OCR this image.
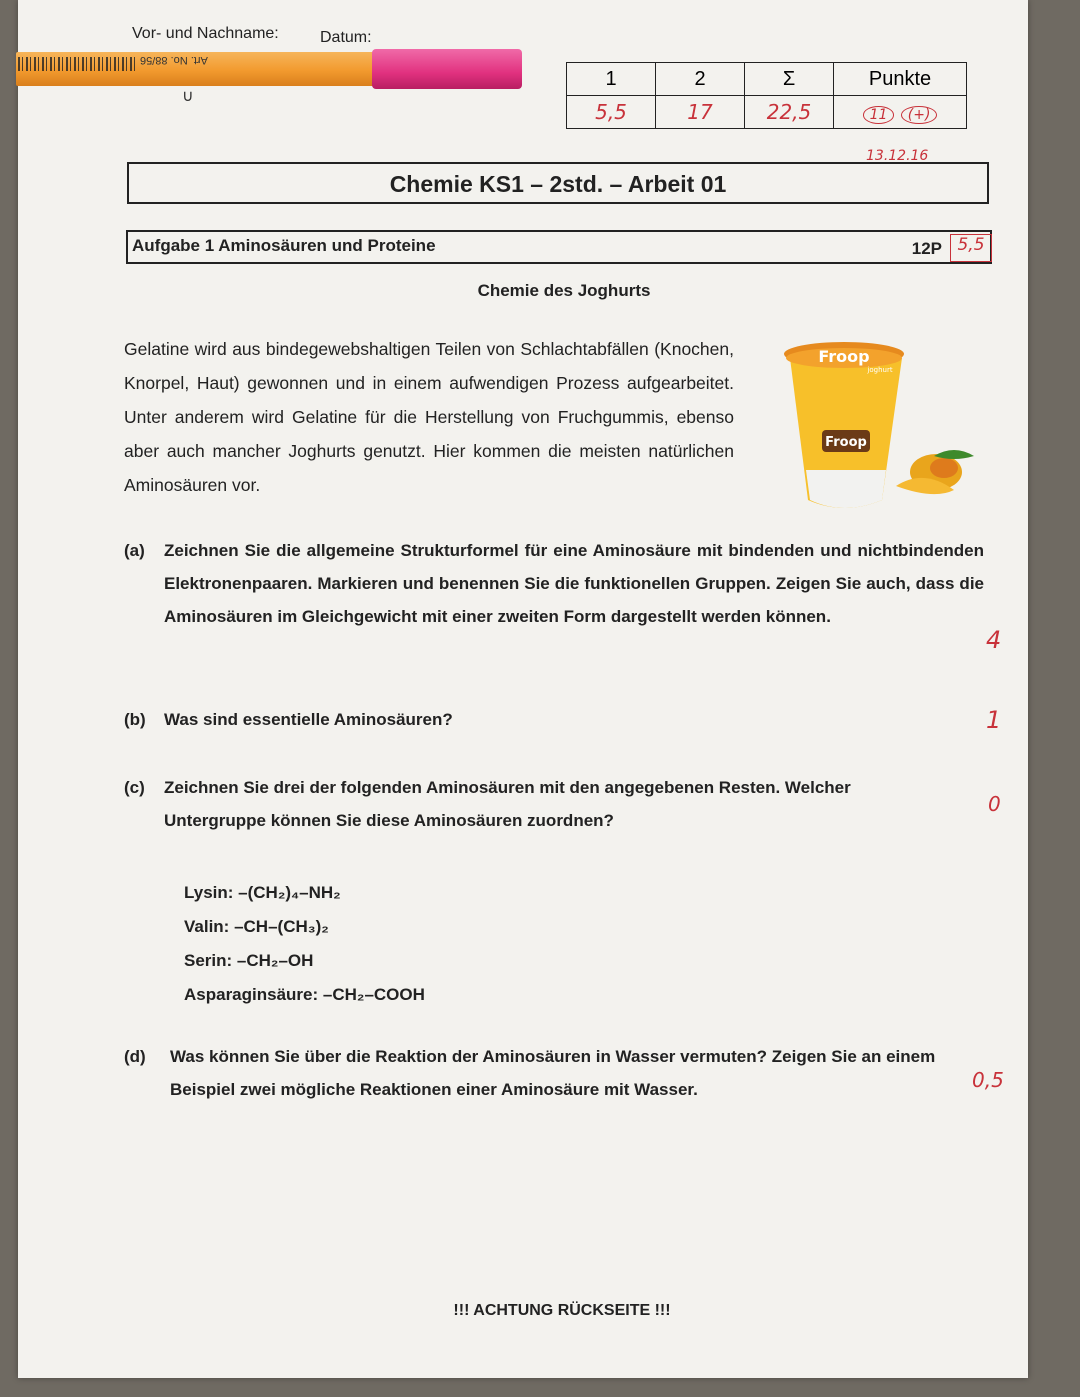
Vor- und Nachname:	Datum:
Art. No. 88/56
∪
1	2	Σ	Punkte
5,5	17	22,5	11 (+)
13.12.16
Chemie KS1 – 2std. – Arbeit 01
Aufgabe 1 Aminosäuren und Proteine	12P 5,5
Chemie des Joghurts
Gelatine wird aus bindegewebshaltigen Teilen von Schlachtabfällen (Knochen, Knorpel, Haut) gewonnen und in einem aufwendigen Prozess aufgearbeitet. Unter anderem wird Gelatine für die Herstellung von Fruchgummis, ebenso aber auch mancher Joghurts genutzt. Hier kommen die meisten natürlichen Aminosäuren vor.
Froop
joghurt
Froop
(a) Zeichnen Sie die allgemeine Strukturformel für eine Aminosäure mit bindenden und nichtbindenden Elektronenpaaren. Markieren und benennen Sie die funktionellen Gruppen. Zeigen Sie auch, dass die Aminosäuren im Gleichgewicht mit einer zweiten Form dargestellt werden können.
4
(b) Was sind essentielle Aminosäuren?	1
(c) Zeichnen Sie drei der folgenden Aminosäuren mit den angegebenen Resten. Welcher Untergruppe können Sie diese Aminosäuren zuordnen?
0
Lysin: –(CH₂)₄–NH₂
Valin: –CH–(CH₃)₂
Serin: –CH₂–OH
Asparaginsäure: –CH₂–COOH
(d) Was können Sie über die Reaktion der Aminosäuren in Wasser vermuten? Zeigen Sie an einem Beispiel zwei mögliche Reaktionen einer Aminosäure mit Wasser.	0,5
!!! ACHTUNG RÜCKSEITE !!!
